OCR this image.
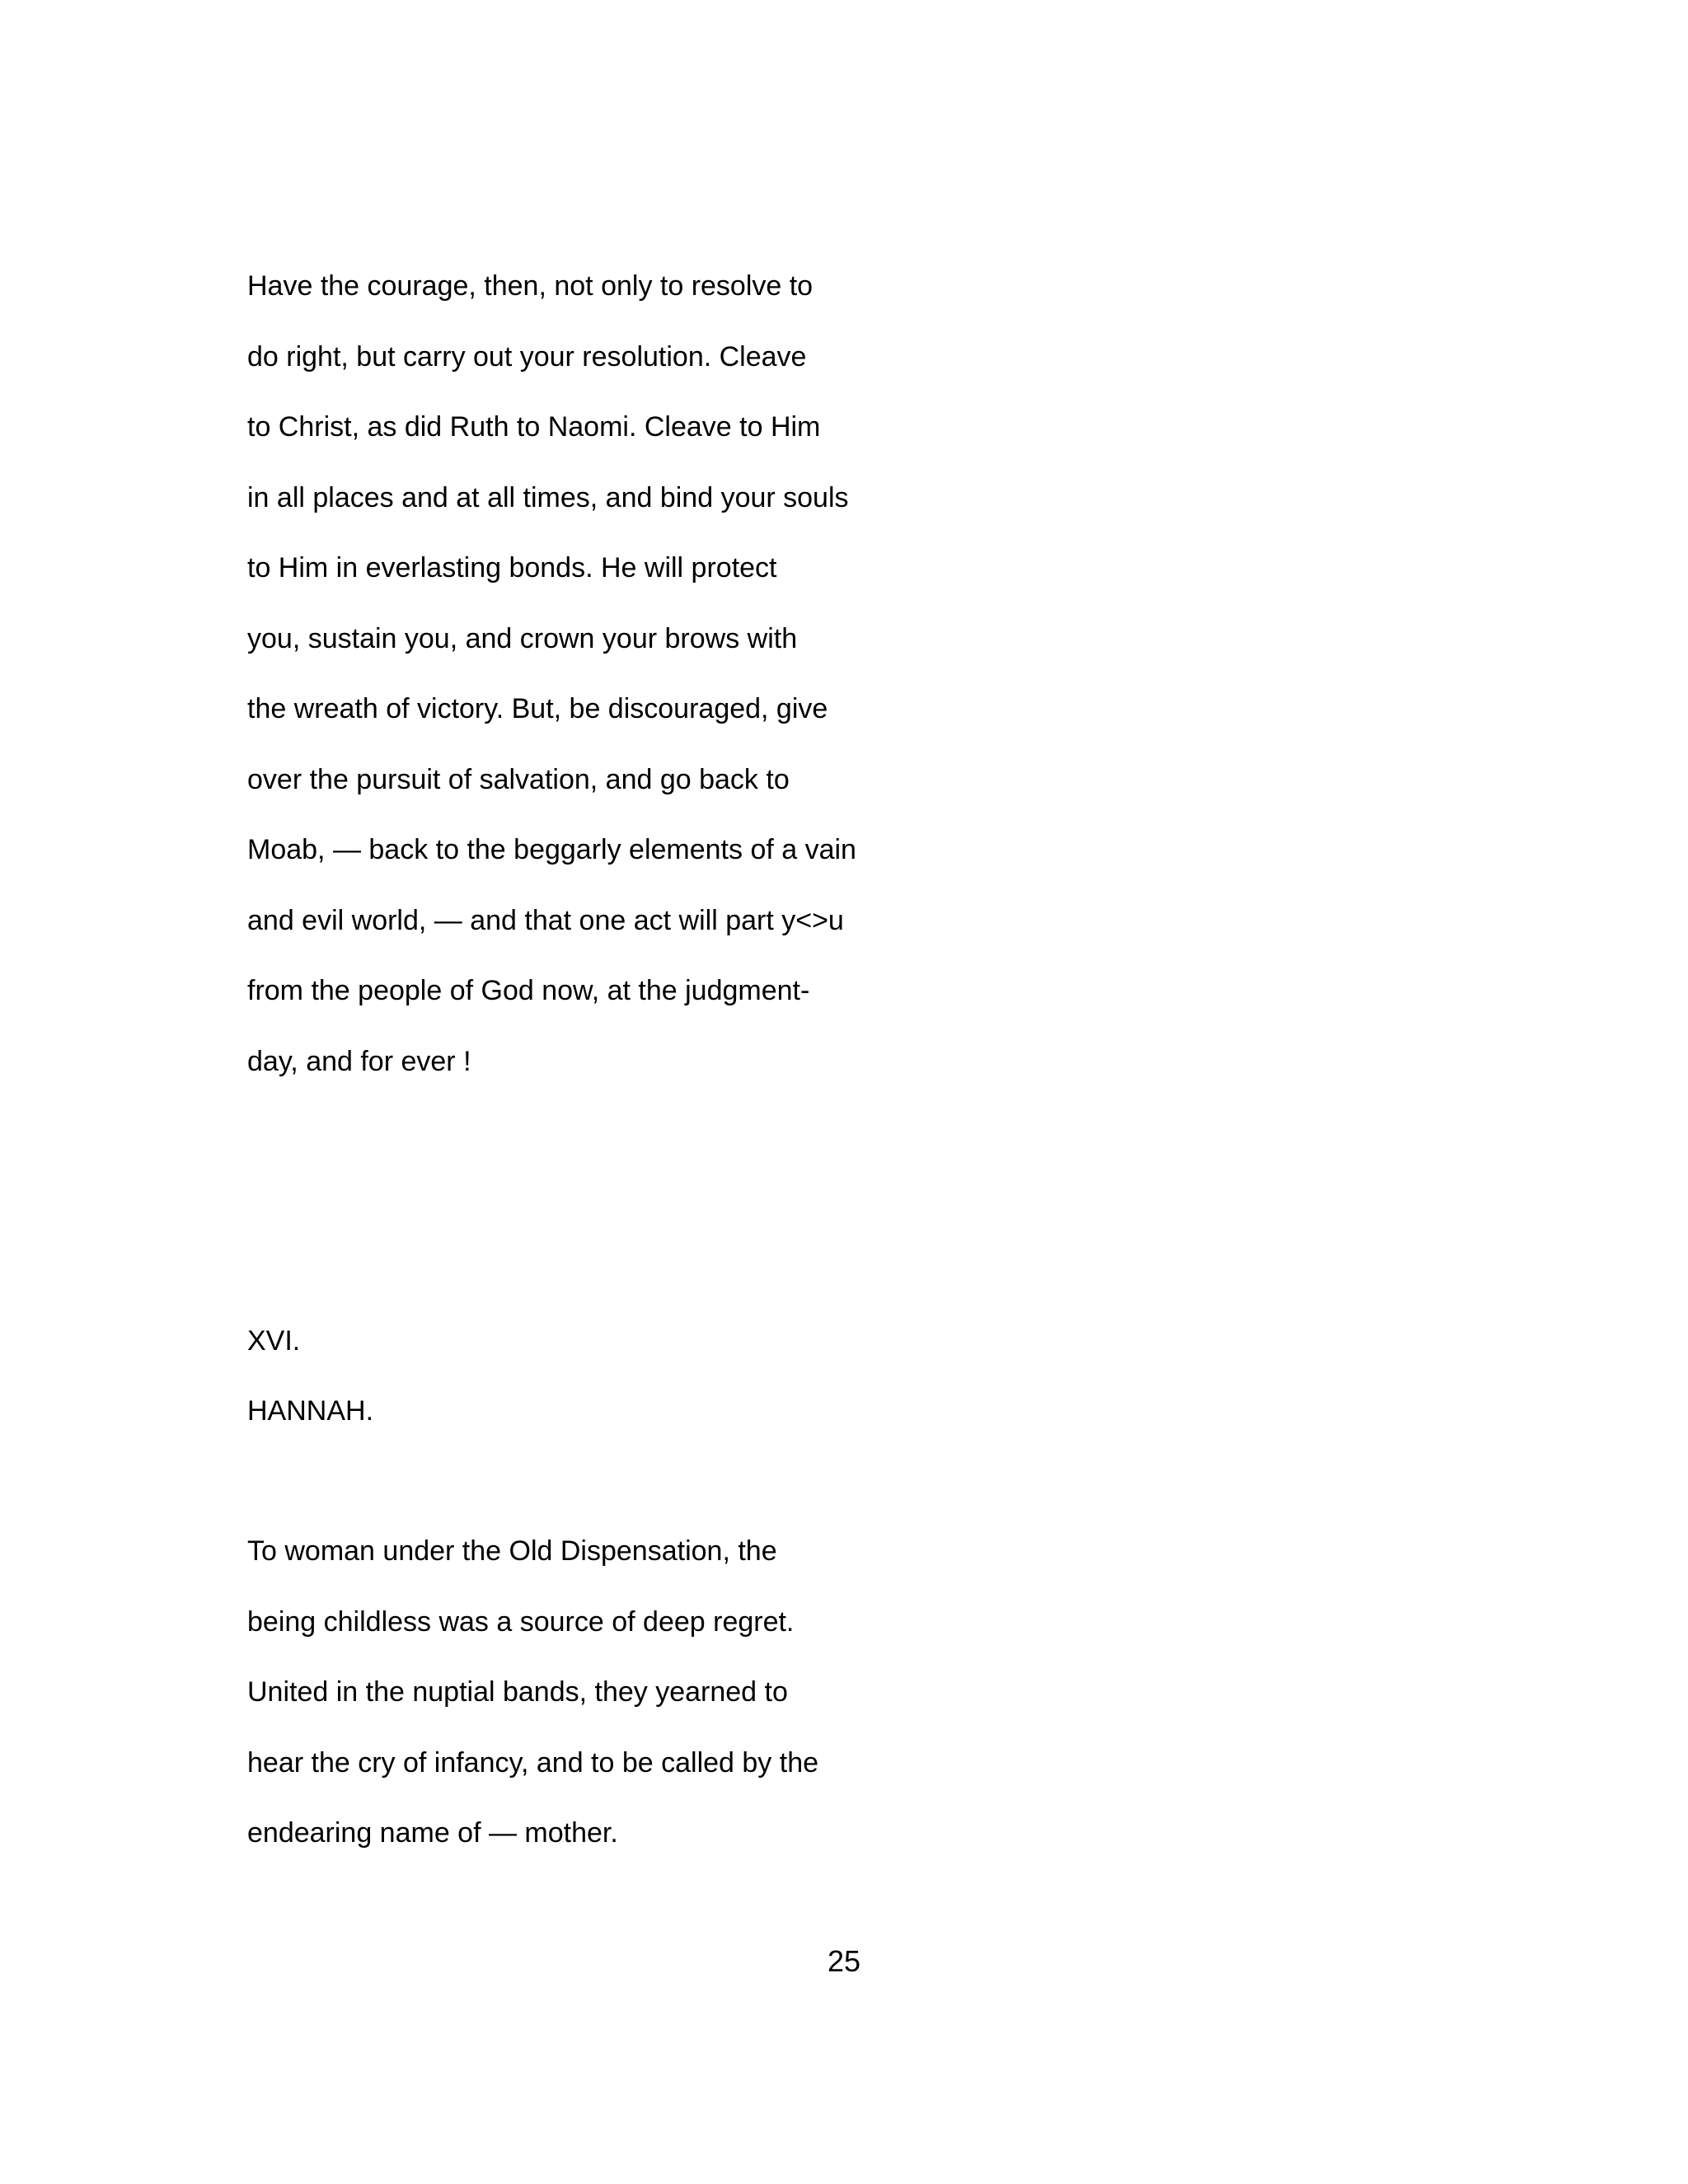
Have the courage, then, not only to resolve to
do right, but carry out your resolution. Cleave
to Christ, as did Ruth to Naomi. Cleave to Him
in all places and at all times, and bind your souls
to Him in everlasting bonds. He will protect
you, sustain you, and crown your brows with
the wreath of victory. But, be discouraged, give
over the pursuit of salvation, and go back to
Moab, — back to the beggarly elements of a vain
and evil world, — and that one act will part y<>u
from the people of God now, at the judgment-
day, and for ever !
XVI.
HANNAH.
To woman under the Old Dispensation, the
being childless was a source of deep regret.
United in the nuptial bands, they yearned to
hear the cry of infancy, and to be called by the
endearing name of — mother.
25
